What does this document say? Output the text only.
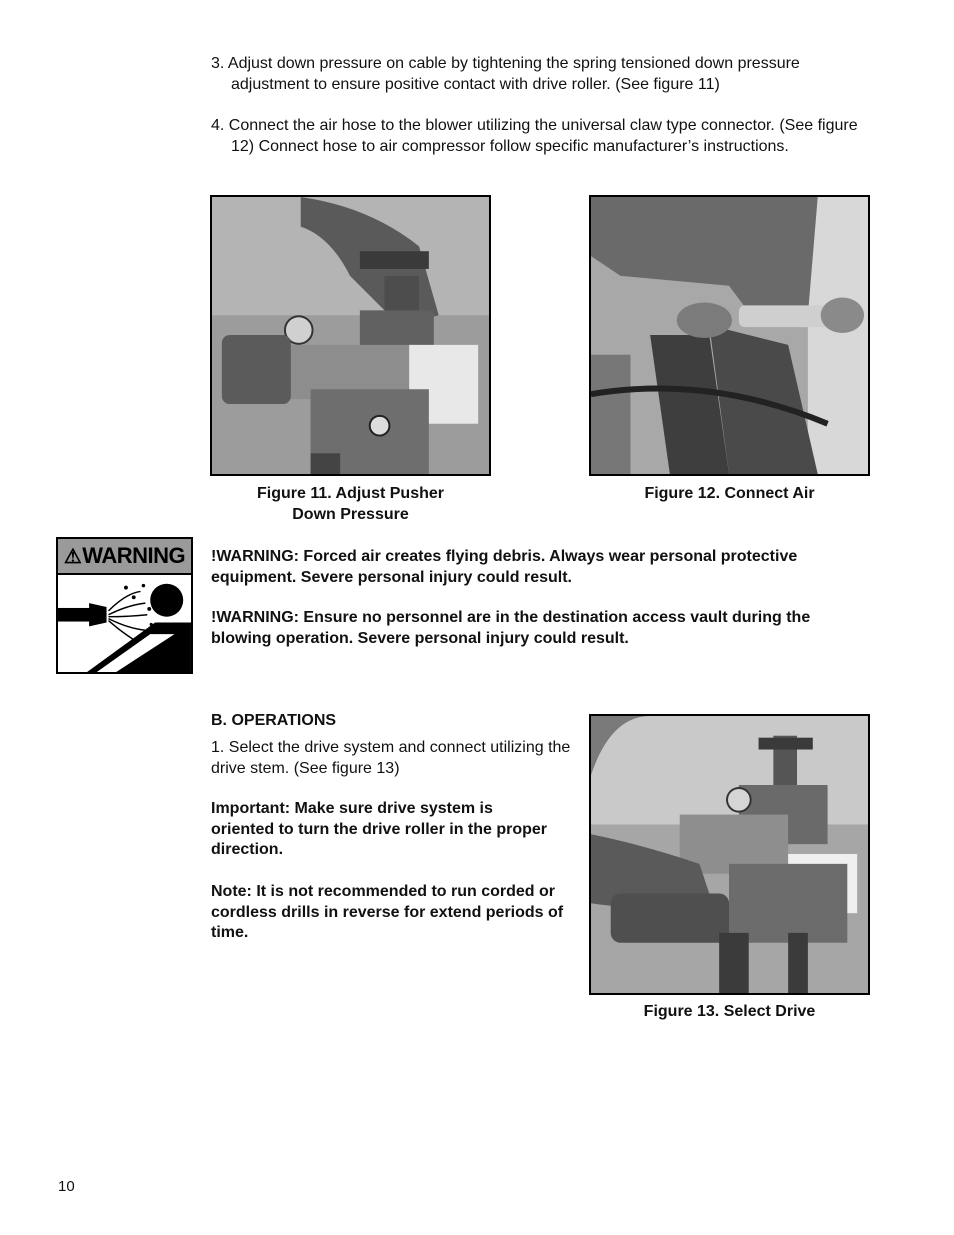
3. Adjust down pressure on cable by tightening the spring tensioned down pressure adjustment to ensure positive contact with drive roller. (See figure 11)
4. Connect the air hose to the blower utilizing the universal claw type connector. (See figure 12) Connect hose to air compressor follow specific manufacturer’s instructions.
Figure 11. Adjust Pusher
Down Pressure
Figure 12. Connect Air
⚠ WARNING !WARNING: Forced air creates flying debris. Always wear personal protective equipment. Severe personal injury could result.
!WARNING: Ensure no personnel are in the destination access vault during the blowing operation. Severe personal injury could result.
B. OPERATIONS
1. Select the drive system and connect utilizing the drive stem. (See figure 13)
Important: Make sure drive system is oriented to turn the drive roller in the proper direction.
Note: It is not recommended to run corded or cordless drills in reverse for extend periods of time.
Figure 13. Select Drive
10
